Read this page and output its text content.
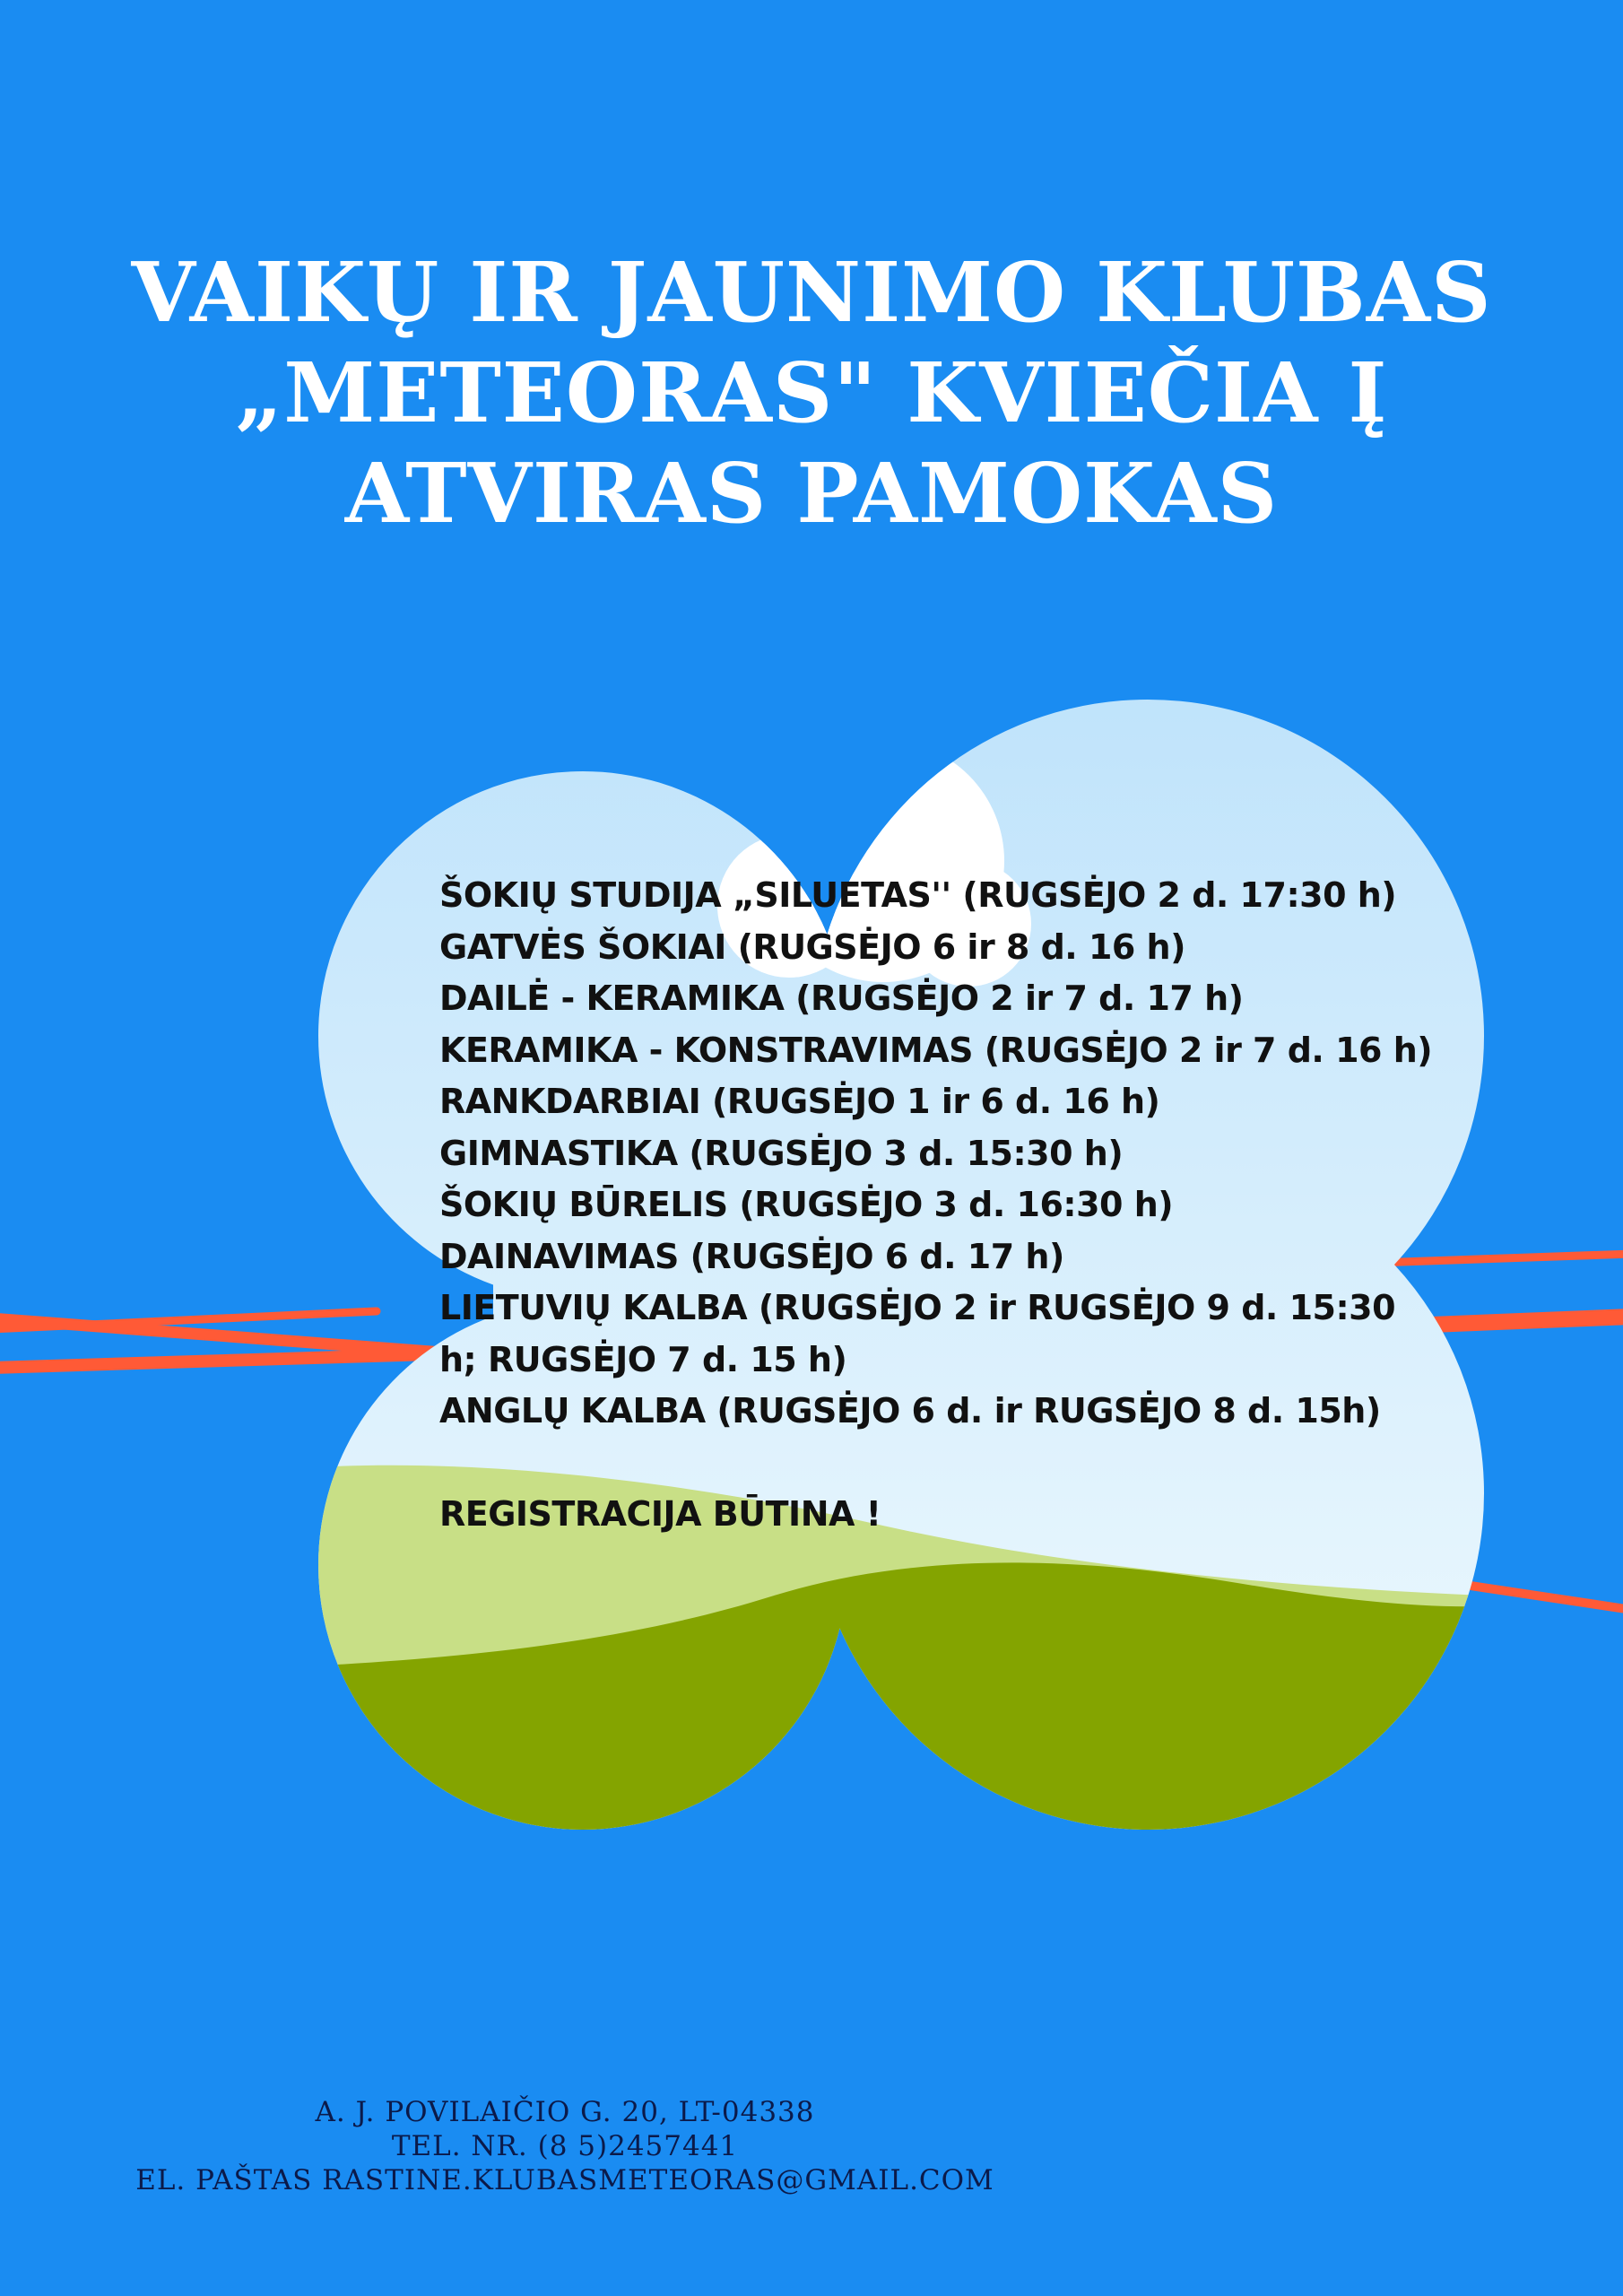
VAIKŲ IR JAUNIMO KLUBAS
„METEORAS" KVIEČIA Į
ATVIRAS PAMOKAS
ŠOKIŲ STUDIJA „SILUETAS'' (RUGSĖJO 2 d. 17:30 h)
GATVĖS ŠOKIAI (RUGSĖJO 6 ir 8 d. 16 h)
DAILĖ - KERAMIKA (RUGSĖJO 2 ir 7 d. 17 h)
KERAMIKA - KONSTRAVIMAS (RUGSĖJO 2 ir 7 d. 16 h)
RANKDARBIAI (RUGSĖJO 1 ir 6 d. 16 h)
GIMNASTIKA (RUGSĖJO 3 d. 15:30 h)
ŠOKIŲ BŪRELIS (RUGSĖJO 3 d. 16:30 h)
DAINAVIMAS (RUGSĖJO 6 d. 17 h)
LIETUVIŲ KALBA (RUGSĖJO 2 ir RUGSĖJO 9 d. 15:30
h; RUGSĖJO 7 d. 15 h)
ANGLŲ KALBA (RUGSĖJO 6 d. ir RUGSĖJO 8 d. 15h)
REGISTRACIJA BŪTINA !
A. J. POVILAIČIO G. 20, LT-04338
TEL. NR. (8 5)2457441
EL. PAŠTAS RASTINE.KLUBASMETEORAS@GMAIL.COM
